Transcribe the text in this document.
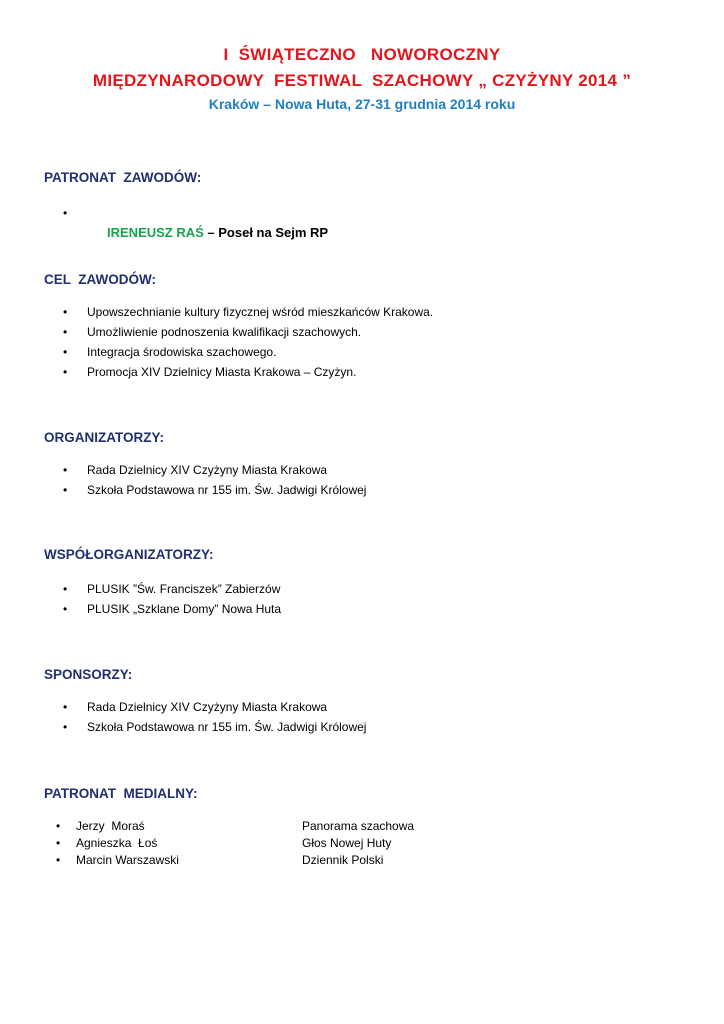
I  ŚWIĄTECZNO   NOWOROCZNY
MIĘDZYNARODOWY  FESTIWAL  SZACHOWY „ CZYŻYNY 2014 ”
Kraków – Nowa Huta, 27-31 grudnia 2014 roku
PATRONAT  ZAWODÓW:

•
IRENEUSZ RAŚ – Poseł na Sejm RP

CEL  ZAWODÓW:
• Upowszechnianie kultury fizycznej wśród mieszkańców Krakowa.
• Umożliwienie podnoszenia kwalifikacji szachowych.
• Integracja środowiska szachowego.
• Promocja XIV Dzielnicy Miasta Krakowa – Czyżyn.
ORGANIZATORZY:
• Rada Dzielnicy XIV Czyżyny Miasta Krakowa
• Szkoła Podstawowa nr 155 im. Św. Jadwigi Królowej
WSPÓŁORGANIZATORZY:
• PLUSIK ”Św. Franciszek” Zabierzów
• PLUSIK „Szklane Domy” Nowa Huta
SPONSORZY:
• Rada Dzielnicy XIV Czyżyny Miasta Krakowa
• Szkoła Podstawowa nr 155 im. Św. Jadwigi Królowej
PATRONAT  MEDIALNY:

•

Jerzy  Moraś

	Panorama szachowa

•

Agnieszka  Łoś

	Głos Nowej Huty

•

Marcin Warszawski

	Dziennik Polski
